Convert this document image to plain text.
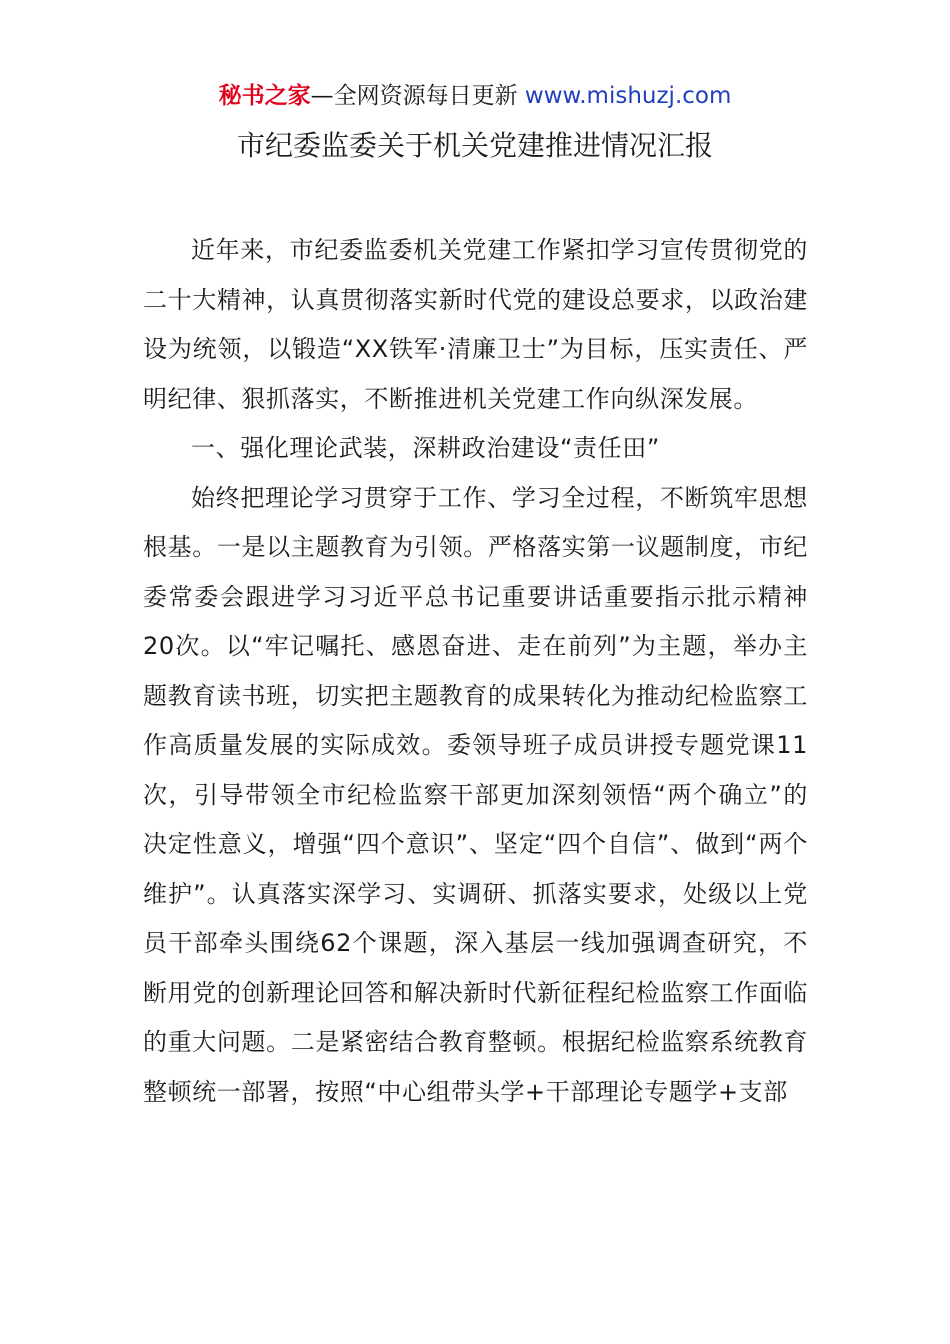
秘书之家—全网资源每日更新 www.mishuzj.com
市纪委监委关于机关党建推进情况汇报

近年来，市纪委监委机关党建工作紧扣学习宣传贯彻党的二十大精神，认真贯彻落实新时代党的建设总要求，以政治建设为统领，以锻造“XX铁军·清廉卫士”为目标，压实责任、严明纪律、狠抓落实，不断推进机关党建工作向纵深发展。

一、强化理论武装，深耕政治建设“责任田”

始终把理论学习贯穿于工作、学习全过程，不断筑牢思想根基。一是以主题教育为引领。严格落实第一议题制度，市纪委常委会跟进学习习近平总书记重要讲话重要指示批示精神20次。以“牢记嘱托、感恩奋进、走在前列”为主题，举办主题教育读书班，切实把主题教育的成果转化为推动纪检监察工作高质量发展的实际成效。委领导班子成员讲授专题党课11次，引导带领全市纪检监察干部更加深刻领悟“两个确立”的决定性意义，增强“四个意识”、坚定“四个自信”、做到“两个维护”。认真落实深学习、实调研、抓落实要求，处级以上党员干部牵头围绕62个课题，深入基层一线加强调查研究，不断用党的创新理论回答和解决新时代新征程纪检监察工作面临的重大问题。二是紧密结合教育整顿。根据纪检监察系统教育整顿统一部署，按照“中心组带头学+干部理论专题学+支部
